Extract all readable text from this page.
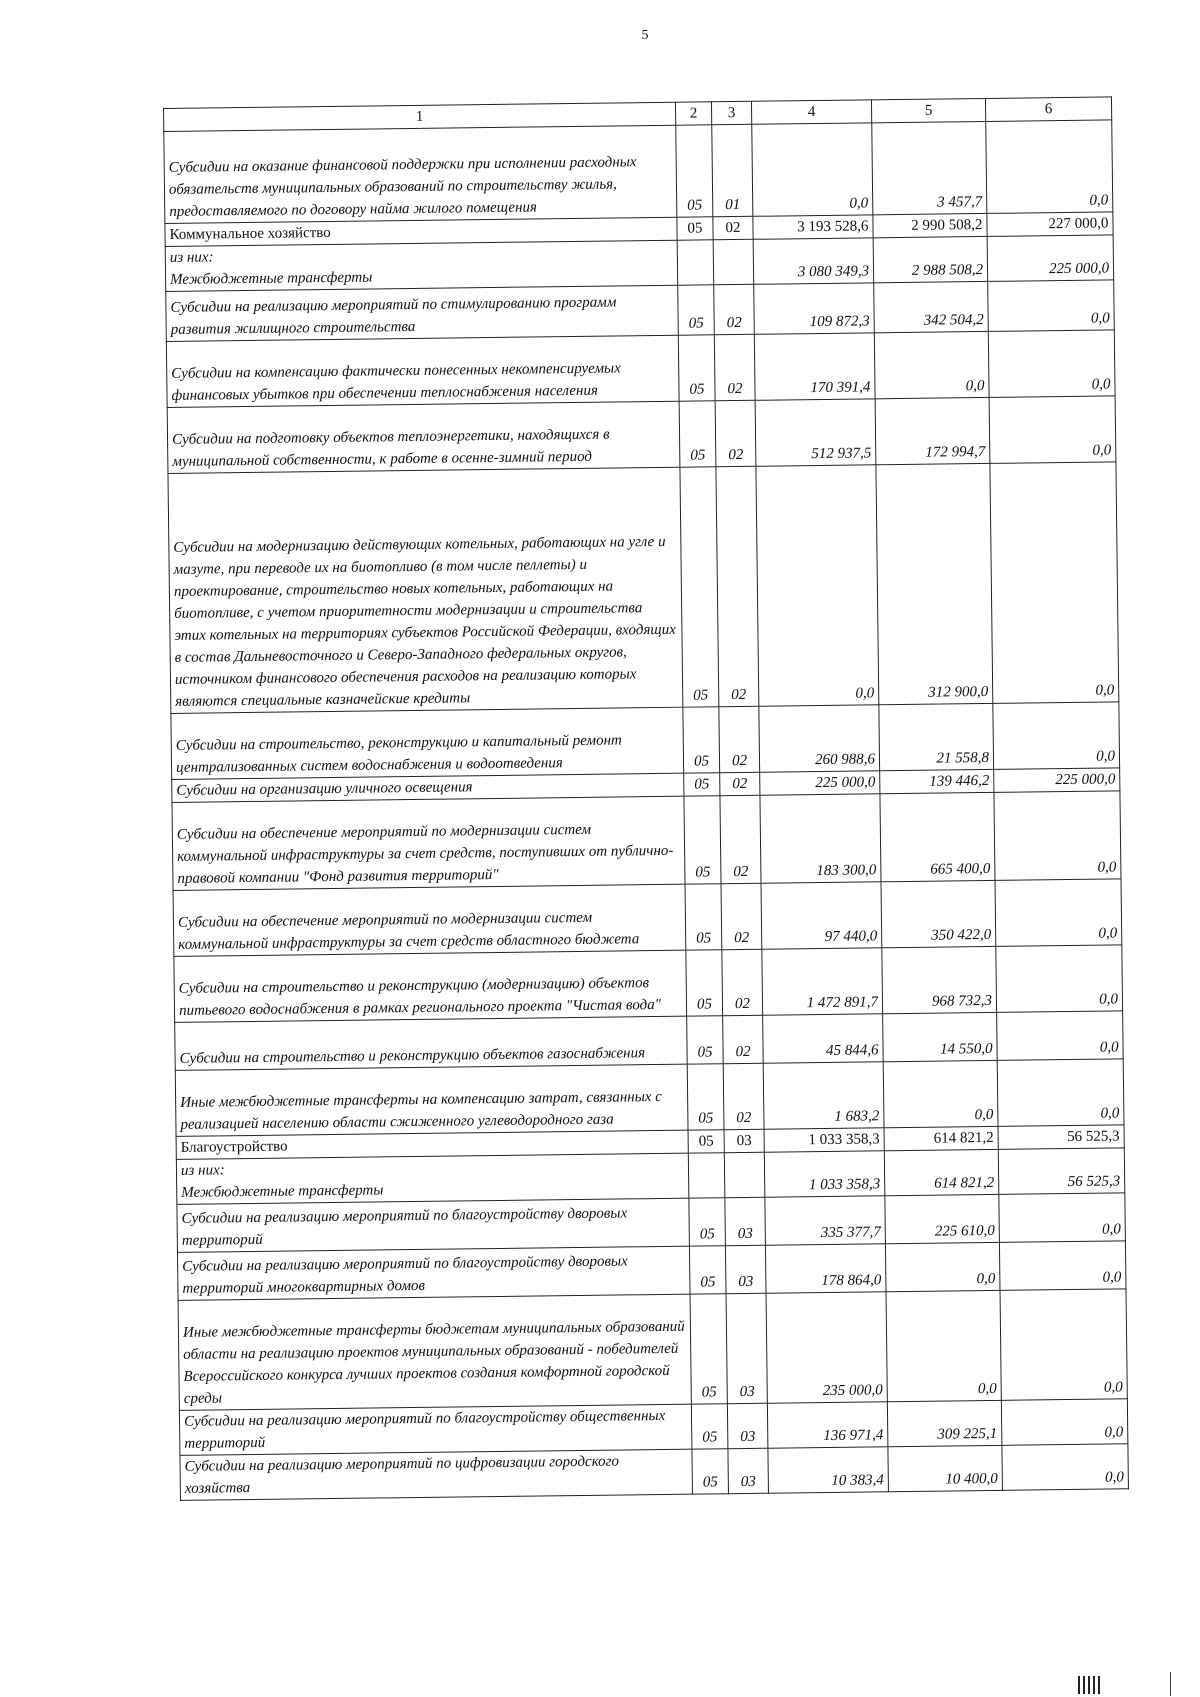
5
1	2	3	4	5	6
Субсидии на оказание финансовой поддержки при исполнении расходных обязательств муниципальных образований по строительству жилья, предоставляемого по договору найма жилого помещения	05	01	0,0	3 457,7	0,0
Коммунальное хозяйство	05	02	3 193 528,6	2 990 508,2	227 000,0

из них:
Межбюджетные трансферты			3 080 349,3	2 988 508,2	225 000,0
Субсидии на реализацию мероприятий по стимулированию программ развития жилищного строительства	05	02	109 872,3	342 504,2	0,0
Субсидии на компенсацию фактически понесенных некомпенсируемых финансовых убытков при обеспечении теплоснабжения населения	05	02	170 391,4	0,0	0,0
Субсидии на подготовку объектов теплоэнергетики, находящихся в муниципальной собственности, к работе в осенне-зимний период	05	02	512 937,5	172 994,7	0,0
Субсидии на модернизацию действующих котельных, работающих на угле и мазуте, при переводе их на биотопливо (в том числе пеллеты) и проектирование, строительство новых котельных, работающих на биотопливе, с учетом приоритетности модернизации и строительства этих котельных на территориях субъектов Российской Федерации, входящих в состав Дальневосточного и Северо-Западного федеральных округов, источником финансового обеспечения расходов на реализацию которых являются специальные казначейские кредиты	05	02	0,0	312 900,0	0,0
Субсидии на строительство, реконструкцию и капитальный ремонт централизованных систем водоснабжения и водоотведения	05	02	260 988,6	21 558,8	0,0
Субсидии на организацию уличного освещения	05	02	225 000,0	139 446,2	225 000,0
Субсидии на обеспечение мероприятий по модернизации систем коммунальной инфраструктуры за счет средств, поступивших от публично-правовой компании "Фонд развития территорий"	05	02	183 300,0	665 400,0	0,0
Субсидии на обеспечение мероприятий по модернизации систем коммунальной инфраструктуры за счет средств областного бюджета	05	02	97 440,0	350 422,0	0,0
Субсидии на строительство и реконструкцию (модернизацию) объектов питьевого водоснабжения в рамках регионального проекта "Чистая вода"	05	02	1 472 891,7	968 732,3	0,0
Субсидии на строительство и реконструкцию объектов газоснабжения	05	02	45 844,6	14 550,0	0,0
Иные межбюджетные трансферты на компенсацию затрат, связанных с реализацией населению области сжиженного углеводородного газа	05	02	1 683,2	0,0	0,0
Благоустройство	05	03	1 033 358,3	614 821,2	56 525,3

из них:
Межбюджетные трансферты			1 033 358,3	614 821,2	56 525,3
Субсидии на реализацию мероприятий по благоустройству дворовых территорий	05	03	335 377,7	225 610,0	0,0
Субсидии на реализацию мероприятий по благоустройству дворовых территорий многоквартирных домов	05	03	178 864,0	0,0	0,0
Иные межбюджетные трансферты бюджетам муниципальных образований области на реализацию проектов муниципальных образований - победителей Всероссийского конкурса лучших проектов создания комфортной городской среды	05	03	235 000,0	0,0	0,0
Субсидии на реализацию мероприятий по благоустройству общественных территорий	05	03	136 971,4	309 225,1	0,0
Субсидии на реализацию мероприятий по цифровизации городского хозяйства	05	03	10 383,4	10 400,0	0,0
